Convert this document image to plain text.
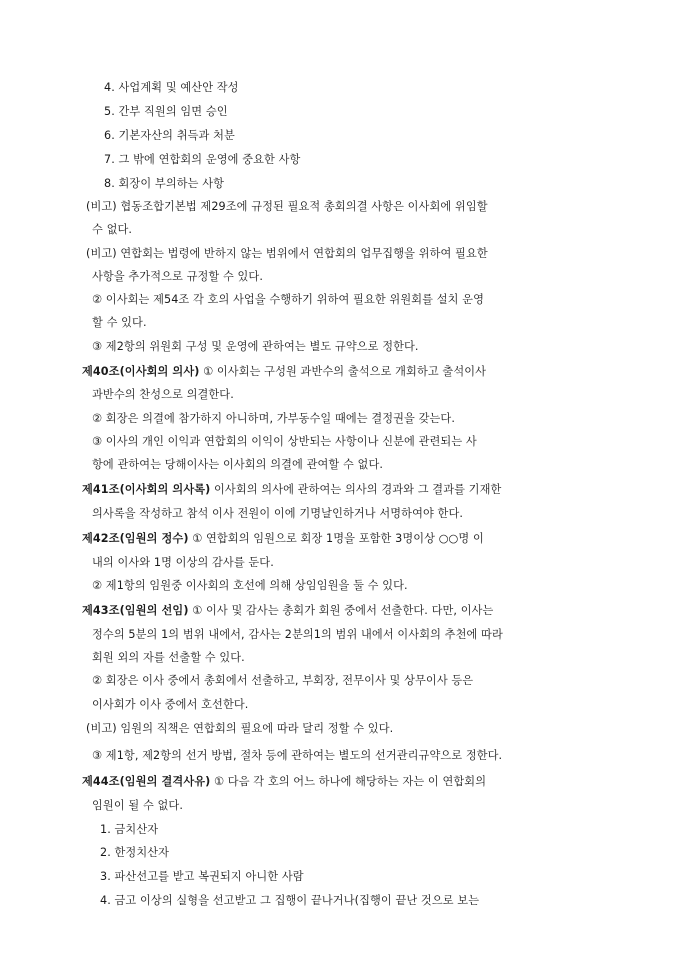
4. 사업계획 및 예산안 작성
5. 간부 직원의 임면 승인
6. 기본자산의 취득과 처분
7. 그 밖에 연합회의 운영에 중요한 사항
8. 회장이 부의하는 사항
(비고) 협동조합기본법 제29조에 규정된 필요적 총회의결 사항은 이사회에 위임할
수 없다.
(비고) 연합회는 법령에 반하지 않는 범위에서 연합회의 업무집행을 위하여 필요한
사항을 추가적으로 규정할 수 있다.
② 이사회는 제54조 각 호의 사업을 수행하기 위하여 필요한 위원회를 설치 운영
할 수 있다.
③ 제2항의 위원회 구성 및 운영에 관하여는 별도 규약으로 정한다.
제40조(이사회의 의사) ① 이사회는 구성원 과반수의 출석으로 개회하고 출석이사
과반수의 찬성으로 의결한다.
② 회장은 의결에 참가하지 아니하며, 가부동수일 때에는 결정권을 갖는다.
③ 이사의 개인 이익과 연합회의 이익이 상반되는 사항이나 신분에 관련되는 사
항에 관하여는 당해이사는 이사회의 의결에 관여할 수 없다.
제41조(이사회의 의사록) 이사회의 의사에 관하여는 의사의 경과와 그 결과를 기재한
의사록을 작성하고 참석 이사 전원이 이에 기명날인하거나 서명하여야 한다.
제42조(임원의 정수) ① 연합회의 임원으로 회장 1명을 포함한 3명이상 ○○명 이
내의 이사와 1명 이상의 감사를 둔다.
② 제1항의 임원중 이사회의 호선에 의해 상임임원을 둘 수 있다.
제43조(임원의 선임) ① 이사 및 감사는 총회가 회원 중에서 선출한다. 다만, 이사는
정수의 5분의 1의 범위 내에서, 감사는 2분의1의 범위 내에서 이사회의 추천에 따라
회원 외의 자를 선출할 수 있다.
② 회장은 이사 중에서 총회에서 선출하고, 부회장, 전무이사 및 상무이사 등은
이사회가 이사 중에서 호선한다.
(비고) 임원의 직책은 연합회의 필요에 따라 달리 정할 수 있다.
③ 제1항, 제2항의 선거 방법, 절차 등에 관하여는 별도의 선거관리규약으로 정한다.
제44조(임원의 결격사유) ① 다음 각 호의 어느 하나에 해당하는 자는 이 연합회의
임원이 될 수 없다.
1. 금치산자
2. 한정치산자
3. 파산선고를 받고 복권되지 아니한 사람
4. 금고 이상의 실형을 선고받고 그 집행이 끝나거나(집행이 끝난 것으로 보는
